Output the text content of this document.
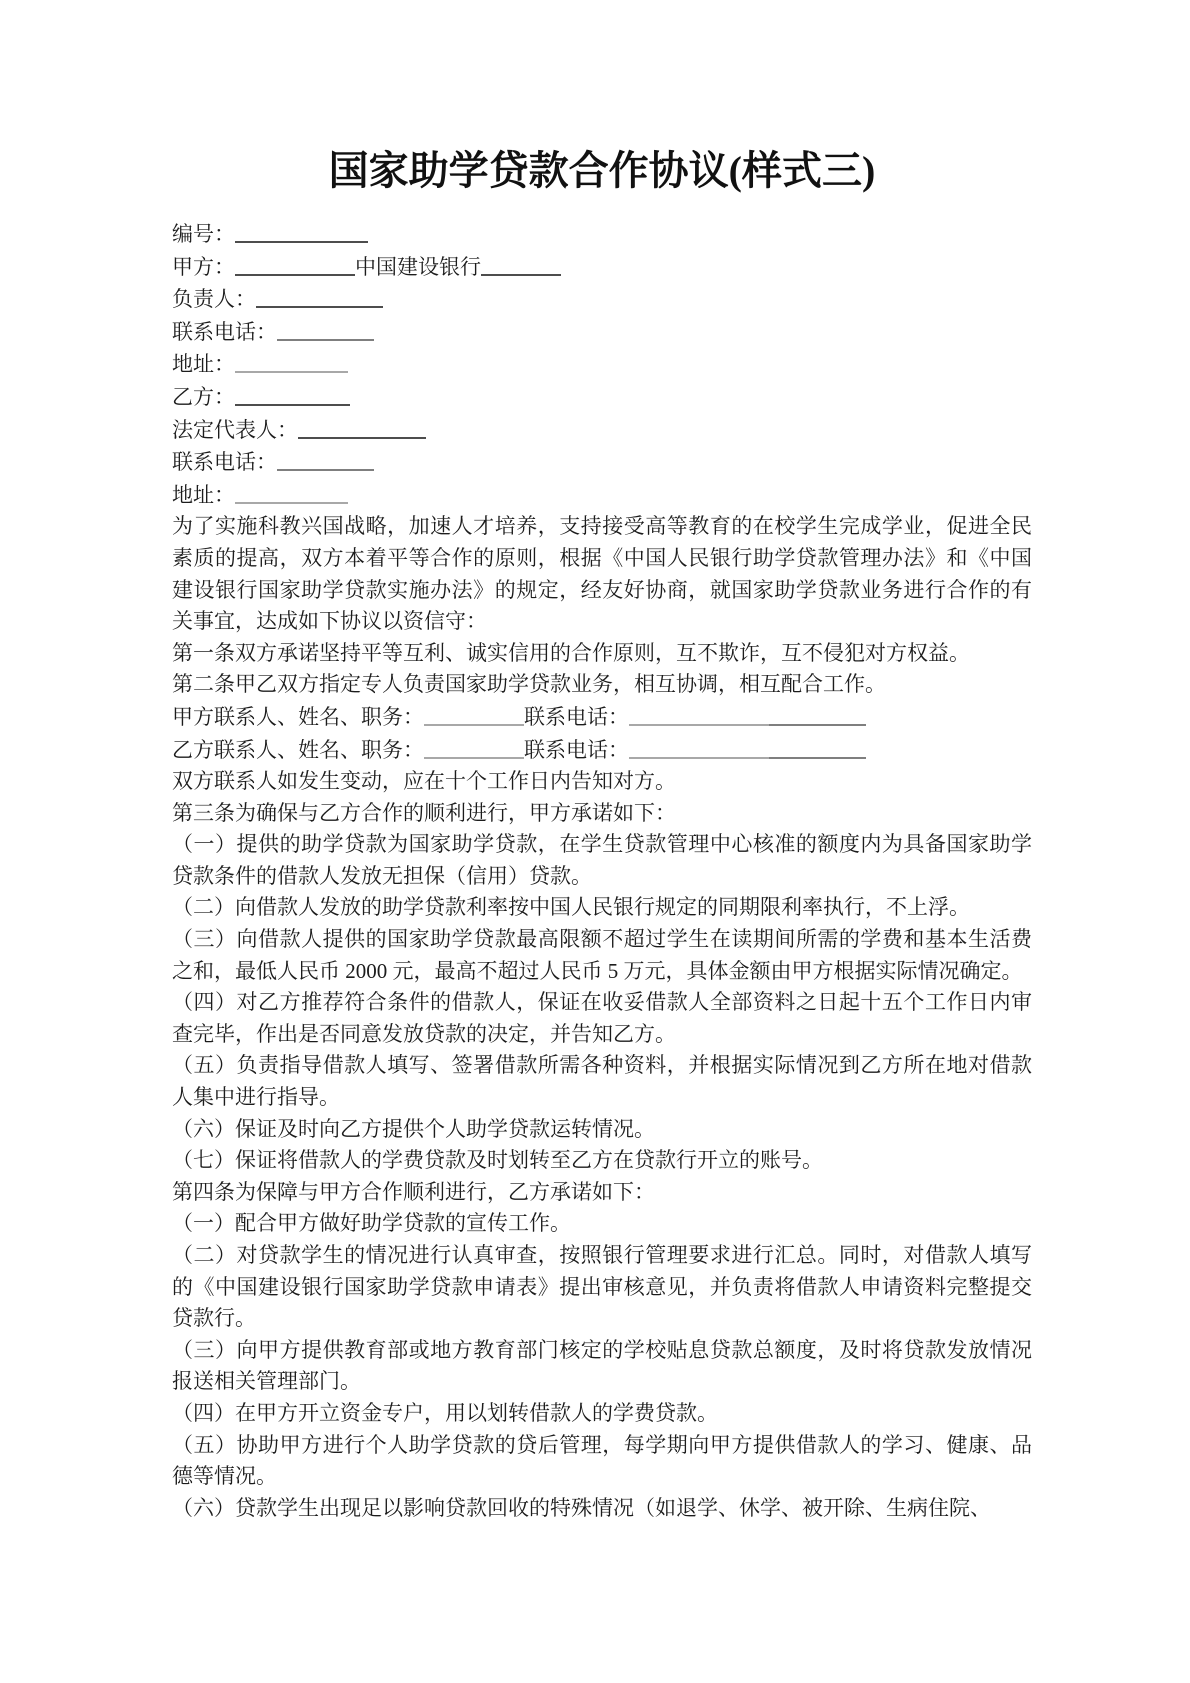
国家助学贷款合作协议(样式三)
编号：
甲方：	中国建设银行
负责人：
联系电话：
地址：
乙方：
法定代表人：
联系电话：
地址：
为了实施科教兴国战略，加速人才培养，支持接受高等教育的在校学生完成学业，促进全民素质的提高，双方本着平等合作的原则，根据《中国人民银行助学贷款管理办法》和《中国建设银行国家助学贷款实施办法》的规定，经友好协商，就国家助学贷款业务进行合作的有关事宜，达成如下协议以资信守：
第一条双方承诺坚持平等互利、诚实信用的合作原则，互不欺诈，互不侵犯对方权益。
第二条甲乙双方指定专人负责国家助学贷款业务，相互协调，相互配合工作。
甲方联系人、姓名、职务：	联系电话：
乙方联系人、姓名、职务：	联系电话：
双方联系人如发生变动，应在十个工作日内告知对方。
第三条为确保与乙方合作的顺利进行，甲方承诺如下：
（一）提供的助学贷款为国家助学贷款，在学生贷款管理中心核准的额度内为具备国家助学贷款条件的借款人发放无担保（信用）贷款。
（二）向借款人发放的助学贷款利率按中国人民银行规定的同期限利率执行，不上浮。
（三）向借款人提供的国家助学贷款最高限额不超过学生在读期间所需的学费和基本生活费之和，最低人民币 2000 元，最高不超过人民币 5 万元，具体金额由甲方根据实际情况确定。
（四）对乙方推荐符合条件的借款人，保证在收妥借款人全部资料之日起十五个工作日内审查完毕，作出是否同意发放贷款的决定，并告知乙方。
（五）负责指导借款人填写、签署借款所需各种资料，并根据实际情况到乙方所在地对借款人集中进行指导。
（六）保证及时向乙方提供个人助学贷款运转情况。
（七）保证将借款人的学费贷款及时划转至乙方在贷款行开立的账号。
第四条为保障与甲方合作顺利进行，乙方承诺如下：
（一）配合甲方做好助学贷款的宣传工作。
（二）对贷款学生的情况进行认真审查，按照银行管理要求进行汇总。同时，对借款人填写的《中国建设银行国家助学贷款申请表》提出审核意见，并负责将借款人申请资料完整提交贷款行。
（三）向甲方提供教育部或地方教育部门核定的学校贴息贷款总额度，及时将贷款发放情况报送相关管理部门。
（四）在甲方开立资金专户，用以划转借款人的学费贷款。
（五）协助甲方进行个人助学贷款的贷后管理，每学期向甲方提供借款人的学习、健康、品德等情况。
（六）贷款学生出现足以影响贷款回收的特殊情况（如退学、休学、被开除、生病住院、
